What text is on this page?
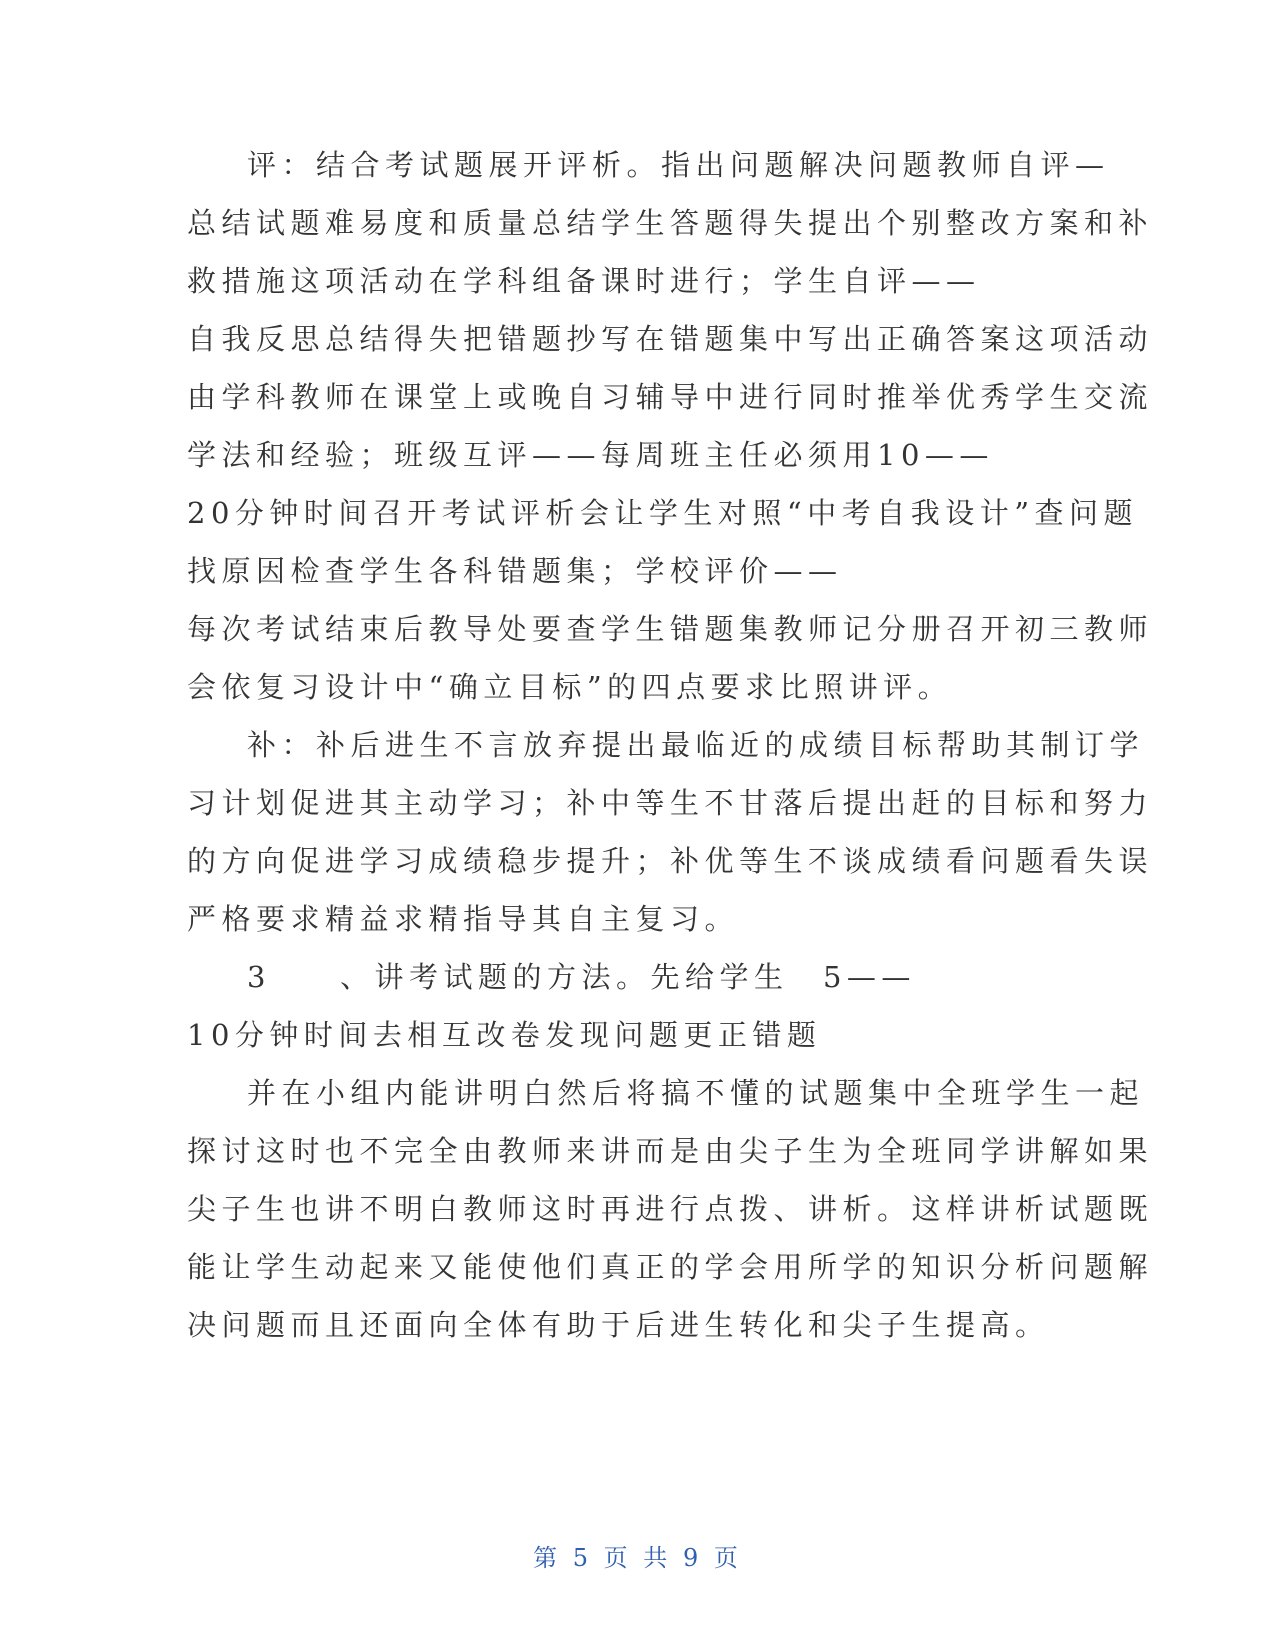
评：结合考试题展开评析。指出问题解决问题教师自评—
总结试题难易度和质量总结学生答题得失提出个别整改方案和补
救措施这项活动在学科组备课时进行；学生自评——
自我反思总结得失把错题抄写在错题集中写出正确答案这项活动
由学科教师在课堂上或晚自习辅导中进行同时推举优秀学生交流
学法和经验；班级互评——每周班主任必须用10——
20分钟时间召开考试评析会让学生对照“中考自我设计”查问题
找原因检查学生各科错题集；学校评价——
每次考试结束后教导处要查学生错题集教师记分册召开初三教师
会依复习设计中“确立目标”的四点要求比照讲评。
补：补后进生不言放弃提出最临近的成绩目标帮助其制订学
习计划促进其主动学习；补中等生不甘落后提出赶的目标和努力
的方向促进学习成绩稳步提升；补优等生不谈成绩看问题看失误
严格要求精益求精指导其自主复习。
3　　、讲考试题的方法。先给学生　5——
10分钟时间去相互改卷发现问题更正错题
并在小组内能讲明白然后将搞不懂的试题集中全班学生一起
探讨这时也不完全由教师来讲而是由尖子生为全班同学讲解如果
尖子生也讲不明白教师这时再进行点拨、讲析。这样讲析试题既
能让学生动起来又能使他们真正的学会用所学的知识分析问题解
决问题而且还面向全体有助于后进生转化和尖子生提高。
第 5 页 共 9 页
